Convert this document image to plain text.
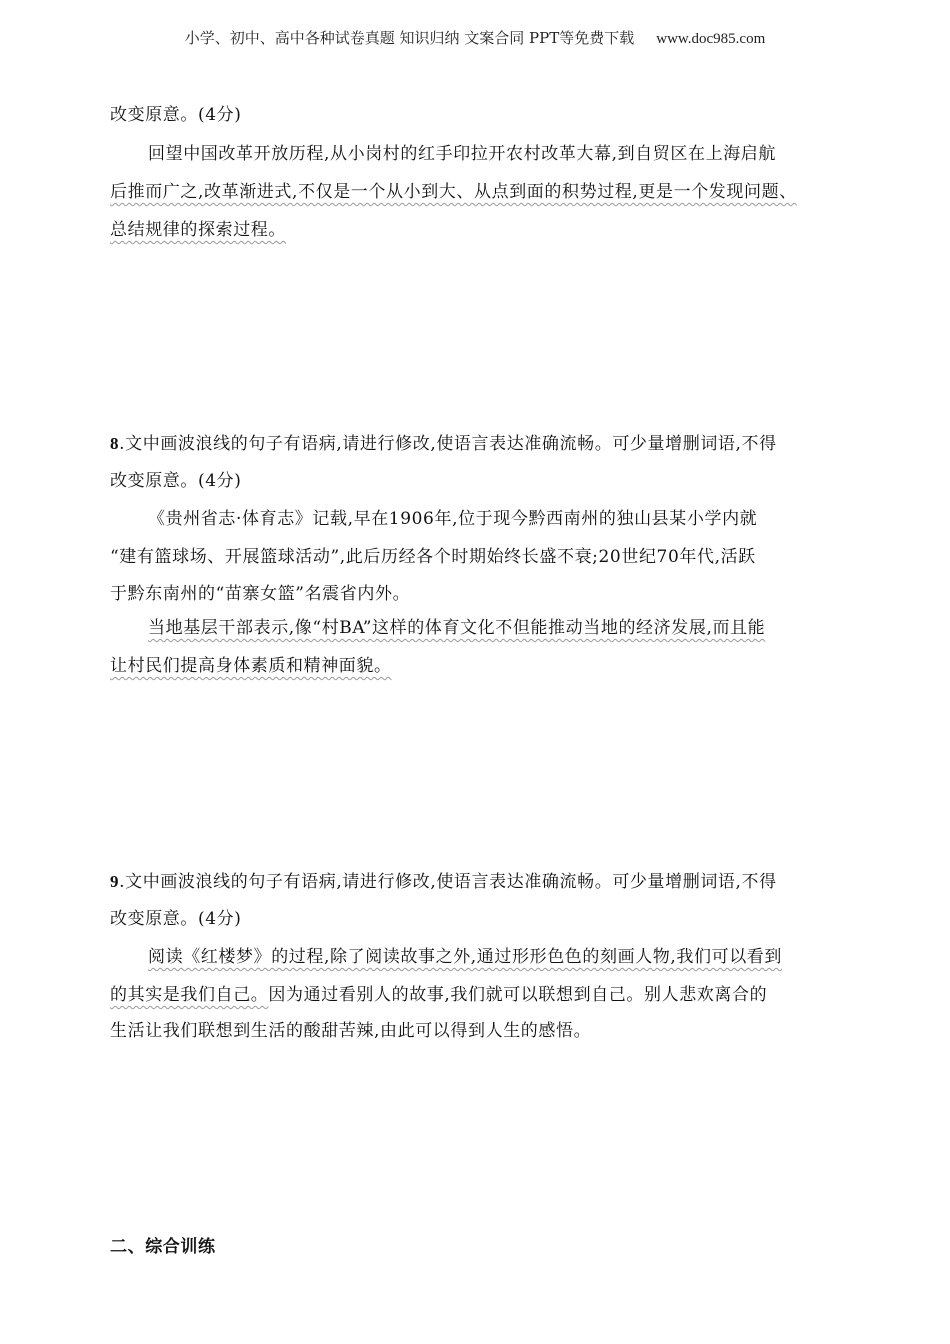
小学、初中、高中各种试卷真题 知识归纳 文案合同 PPT等免费下载 www.doc985.com
改变原意。(4分)
回望中国改革开放历程,从小岗村的红手印拉开农村改革大幕,到自贸区在上海启航
后推而广之,改革渐进式,不仅是一个从小到大、从点到面的积势过程,更是一个发现问题、
总结规律的探索过程。
8.文中画波浪线的句子有语病,请进行修改,使语言表达准确流畅。可少量增删词语,不得
改变原意。(4分)
《贵州省志·体育志》记载,早在1906年,位于现今黔西南州的独山县某小学内就
“建有篮球场、开展篮球活动”,此后历经各个时期始终长盛不衰;20世纪70年代,活跃
于黔东南州的“苗寨女篮”名震省内外。
当地基层干部表示,像“村BA”这样的体育文化不但能推动当地的经济发展,而且能
让村民们提高身体素质和精神面貌。
9.文中画波浪线的句子有语病,请进行修改,使语言表达准确流畅。可少量增删词语,不得
改变原意。(4分)
阅读《红楼梦》的过程,除了阅读故事之外,通过形形色色的刻画人物,我们可以看到
的其实是我们自己。因为通过看别人的故事,我们就可以联想到自己。别人悲欢离合的
生活让我们联想到生活的酸甜苦辣,由此可以得到人生的感悟。
二、综合训练
